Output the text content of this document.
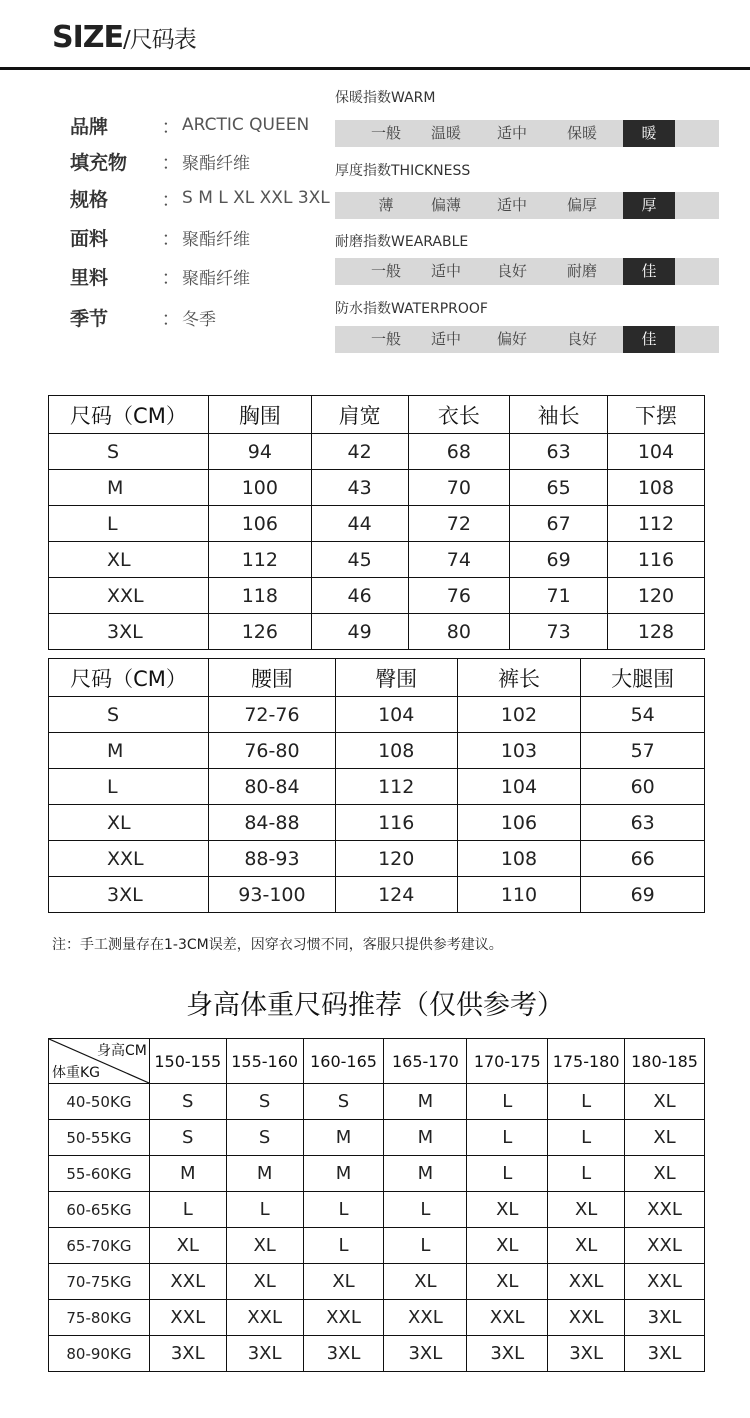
SIZE/尺码表
品牌	： ARCTIC QUEEN
填充物	： 聚酯纤维
规格	： S M L XL XXL 3XL
面料	： 聚酯纤维
里料	： 聚酯纤维
季节	： 冬季
保暖指数WARM
一般	温暖	适中	保暖	暖
厚度指数THICKNESS
薄	偏薄	适中	偏厚	厚
耐磨指数WEARABLE
一般	适中	良好	耐磨	佳
防水指数WATERPROOF
一般	适中	偏好	良好	佳
尺码（CM）	胸围	肩宽	衣长	袖长	下摆
S	94	42	68	63	104
M	100	43	70	65	108
L	106	44	72	67	112
XL	112	45	74	69	116
XXL	118	46	76	71	120
3XL	126	49	80	73	128
尺码（CM）	腰围	臀围	裤长	大腿围
S	72-76	104	102	54
M	76-80	108	103	57
L	80-84	112	104	60
XL	84-88	116	106	63
XXL	88-93	120	108	66
3XL	93-100	124	110	69
注：手工测量存在1-3CM误差，因穿衣习惯不同，客服只提供参考建议。
身高体重尺码推荐（仅供参考）
身高CM
体重KG	150-155	155-160	160-165	165-170	170-175	175-180	180-185
40-50KG	S	S	S	M	L	L	XL
50-55KG	S	S	M	M	L	L	XL
55-60KG	M	M	M	M	L	L	XL
60-65KG	L	L	L	L	XL	XL	XXL
65-70KG	XL	XL	L	L	XL	XL	XXL
70-75KG	XXL	XL	XL	XL	XL	XXL	XXL
75-80KG	XXL	XXL	XXL	XXL	XXL	XXL	3XL
80-90KG	3XL	3XL	3XL	3XL	3XL	3XL	3XL
